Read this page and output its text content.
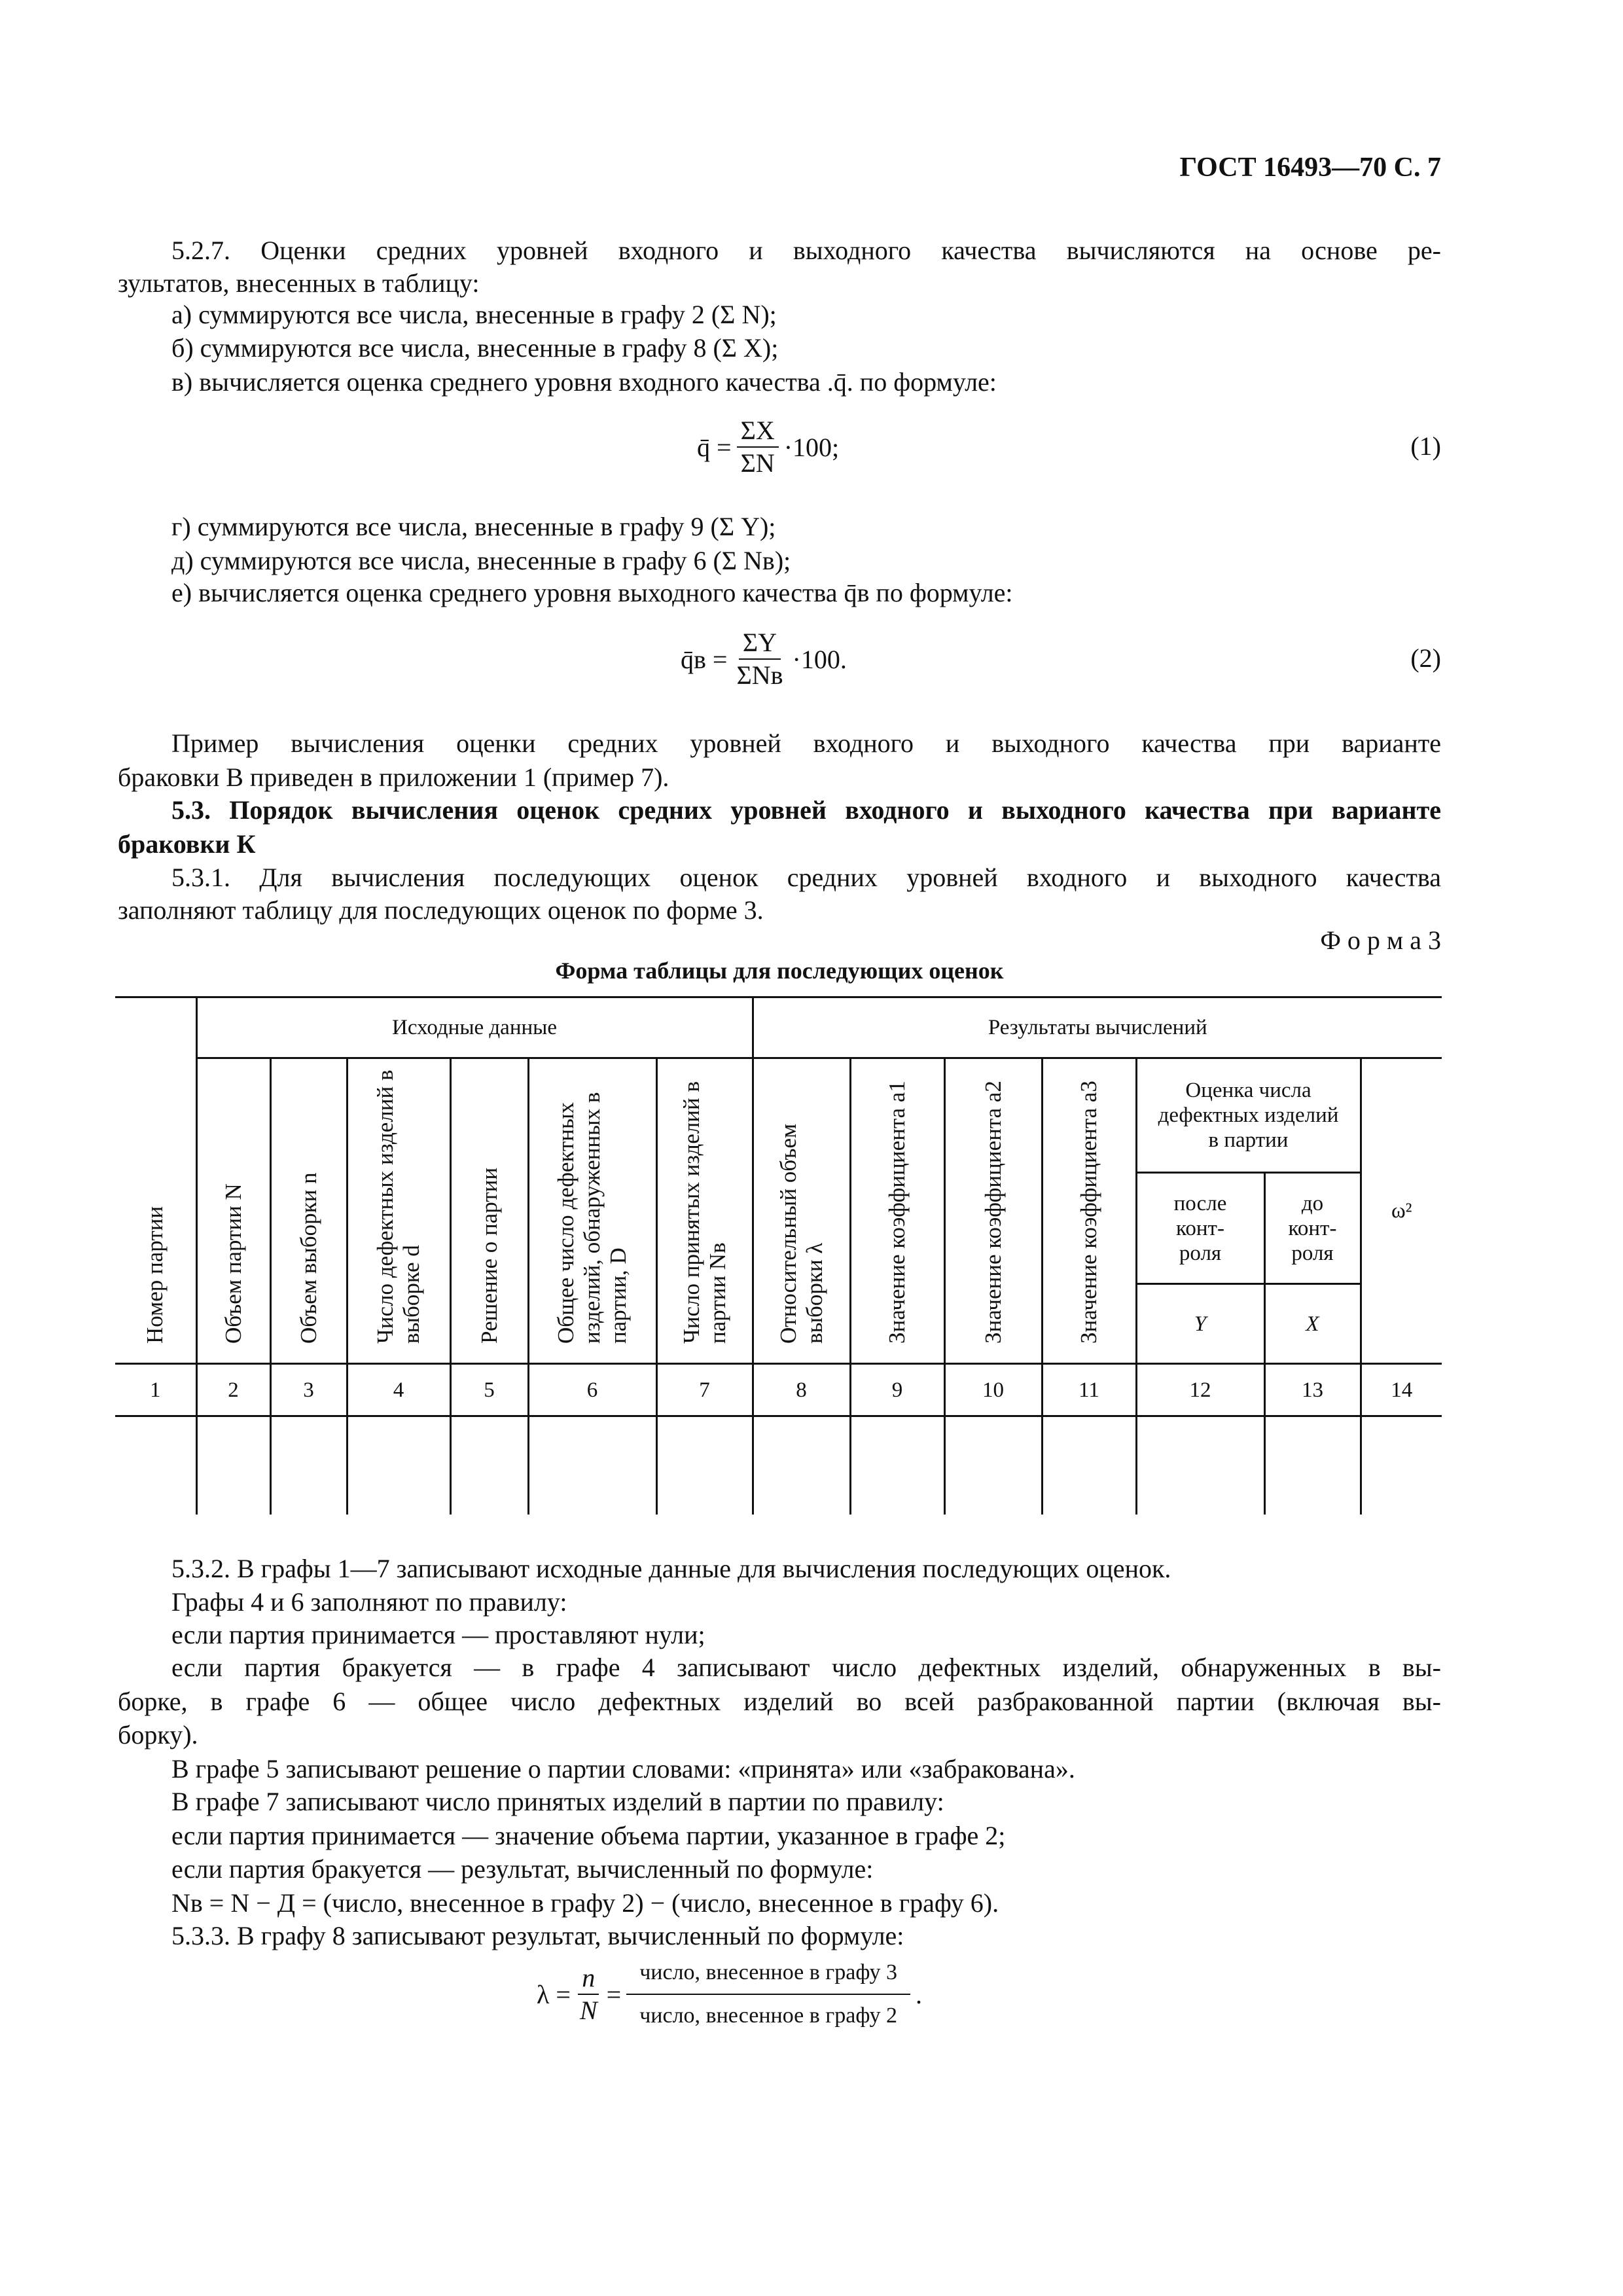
ГОСТ 16493—70 С. 7
5.2.7. Оценки средних уровней входного и выходного качества вычисляются на основе ре-
зультатов, внесенных в таблицу:
а) суммируются все числа, внесенные в графу 2 (Σ N);
б) суммируются все числа, внесенные в графу 8 (Σ X);
в) вычисляется оценка среднего уровня входного качества .q̄. по формуле:
q̄ = $\frac{\Sigma X}{\Sigma N} \cdot 100$;	(1)
г) суммируются все числа, внесенные в графу 9 (Σ Y);
д) суммируются все числа, внесенные в графу 6 (Σ Nв);
е) вычисляется оценка среднего уровня выходного качества q̄в по формуле:
q̄в = $\frac{\Sigma Y}{\text{ΣNв}} \cdot 100$.	(2)
Пример вычисления оценки средних уровней входного и выходного качества при варианте
браковки В приведен в приложении 1 (пример 7).
5.3. Порядок вычисления оценок средних уровней входного и выходного качества при варианте
браковки К
5.3.1. Для вычисления последующих оценок средних уровней входного и выходного качества
заполняют таблицу для последующих оценок по форме 3.
Ф о р м а 3
Форма таблицы для последующих оценок
Номер партии	Исходные данные						Результаты вычислений						
	Объем партии N	Объем выборки n	Число дефектных изделий в выборке d	Решение о партии	Общее число дефектных изделий, обнаруженных в партии, D	Число принятых изделий в партии Nв	Относительный объем выборки λ	Значение коэффициента a1	Значение коэффициента a2	Значение коэффициента a3	Оценка числа дефектных изделий в партии		ω²
											после конт-роля	до конт-роля	
											Y	X	
1	2	3	4	5	6	7	8	9	10	11	12	13	14

5.3.2. В графы 1—7 записывают исходные данные для вычисления последующих оценок.
Графы 4 и 6 заполняют по правилу:
если партия принимается — проставляют нули;
если партия бракуется — в графе 4 записывают число дефектных изделий, обнаруженных в вы-
борке, в графе 6 — общее число дефектных изделий во всей разбракованной партии (включая вы-
борку).
В графе 5 записывают решение о партии словами: «принята» или «забракована».
В графе 7 записывают число принятых изделий в партии по правилу:
если партия принимается — значение объема партии, указанное в графе 2;
если партия бракуется — результат, вычисленный по формуле:
Nв = N − Д = (число, внесенное в графу 2) − (число, внесенное в графу 6).
5.3.3. В графу 8 записывают результат, вычисленный по формуле:
$\lambda = \frac{n}{N} = \frac{\text{число, внесенное в графу 3}}{\text{число, внесенное в графу 2}}$ .
